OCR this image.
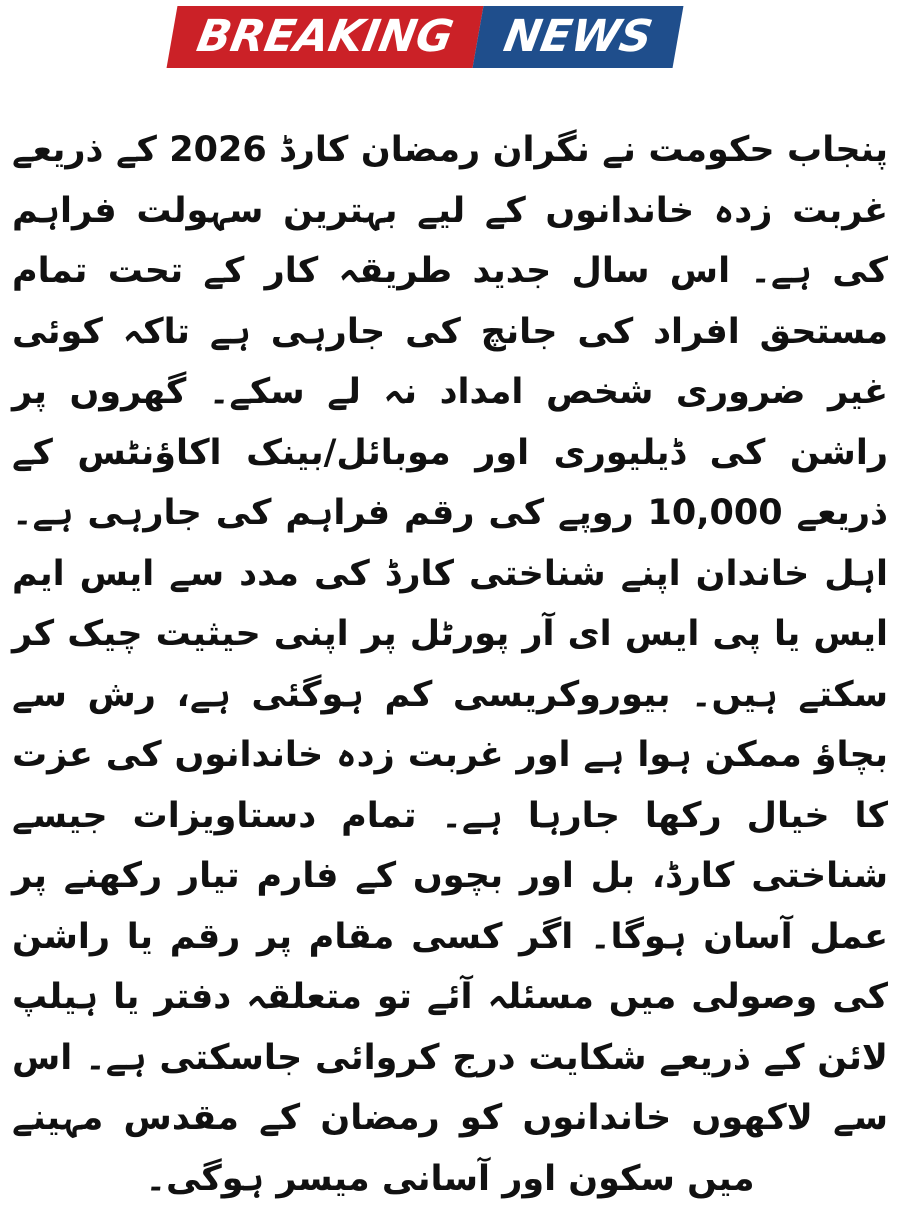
BREAKING NEWS

پنجاب حکومت نے نگران رمضان کارڈ 2026 کے ذریعے غربت زدہ خاندانوں کے لیے بہترین سہولت فراہم کی ہے۔ اس سال جدید طریقہ کار کے تحت تمام مستحق افراد کی جانچ کی جارہی ہے تاکہ کوئی غیر ضروری شخص امداد نہ لے سکے۔ گھروں پر راشن کی ڈیلیوری اور موبائل/بینک اکاؤنٹس کے ذریعے 10,000 روپے کی رقم فراہم کی جارہی ہے۔ اہل خاندان اپنے شناختی کارڈ کی مدد سے ایس ایم ایس یا پی ایس ای آر پورٹل پر اپنی حیثیت چیک کر سکتے ہیں۔ بیوروکریسی کم ہوگئی ہے، رش سے بچاؤ ممکن ہوا ہے اور غربت زدہ خاندانوں کی عزت کا خیال رکھا جارہا ہے۔ تمام دستاویزات جیسے شناختی کارڈ، بل اور بچوں کے فارم تیار رکھنے پر عمل آسان ہوگا۔ اگر کسی مقام پر رقم یا راشن کی وصولی میں مسئلہ آئے تو متعلقہ دفتر یا ہیلپ لائن کے ذریعے شکایت درج کروائی جاسکتی ہے۔ اس سے لاکھوں خاندانوں کو رمضان کے مقدس مہینے میں سکون اور آسانی میسر ہوگی۔
